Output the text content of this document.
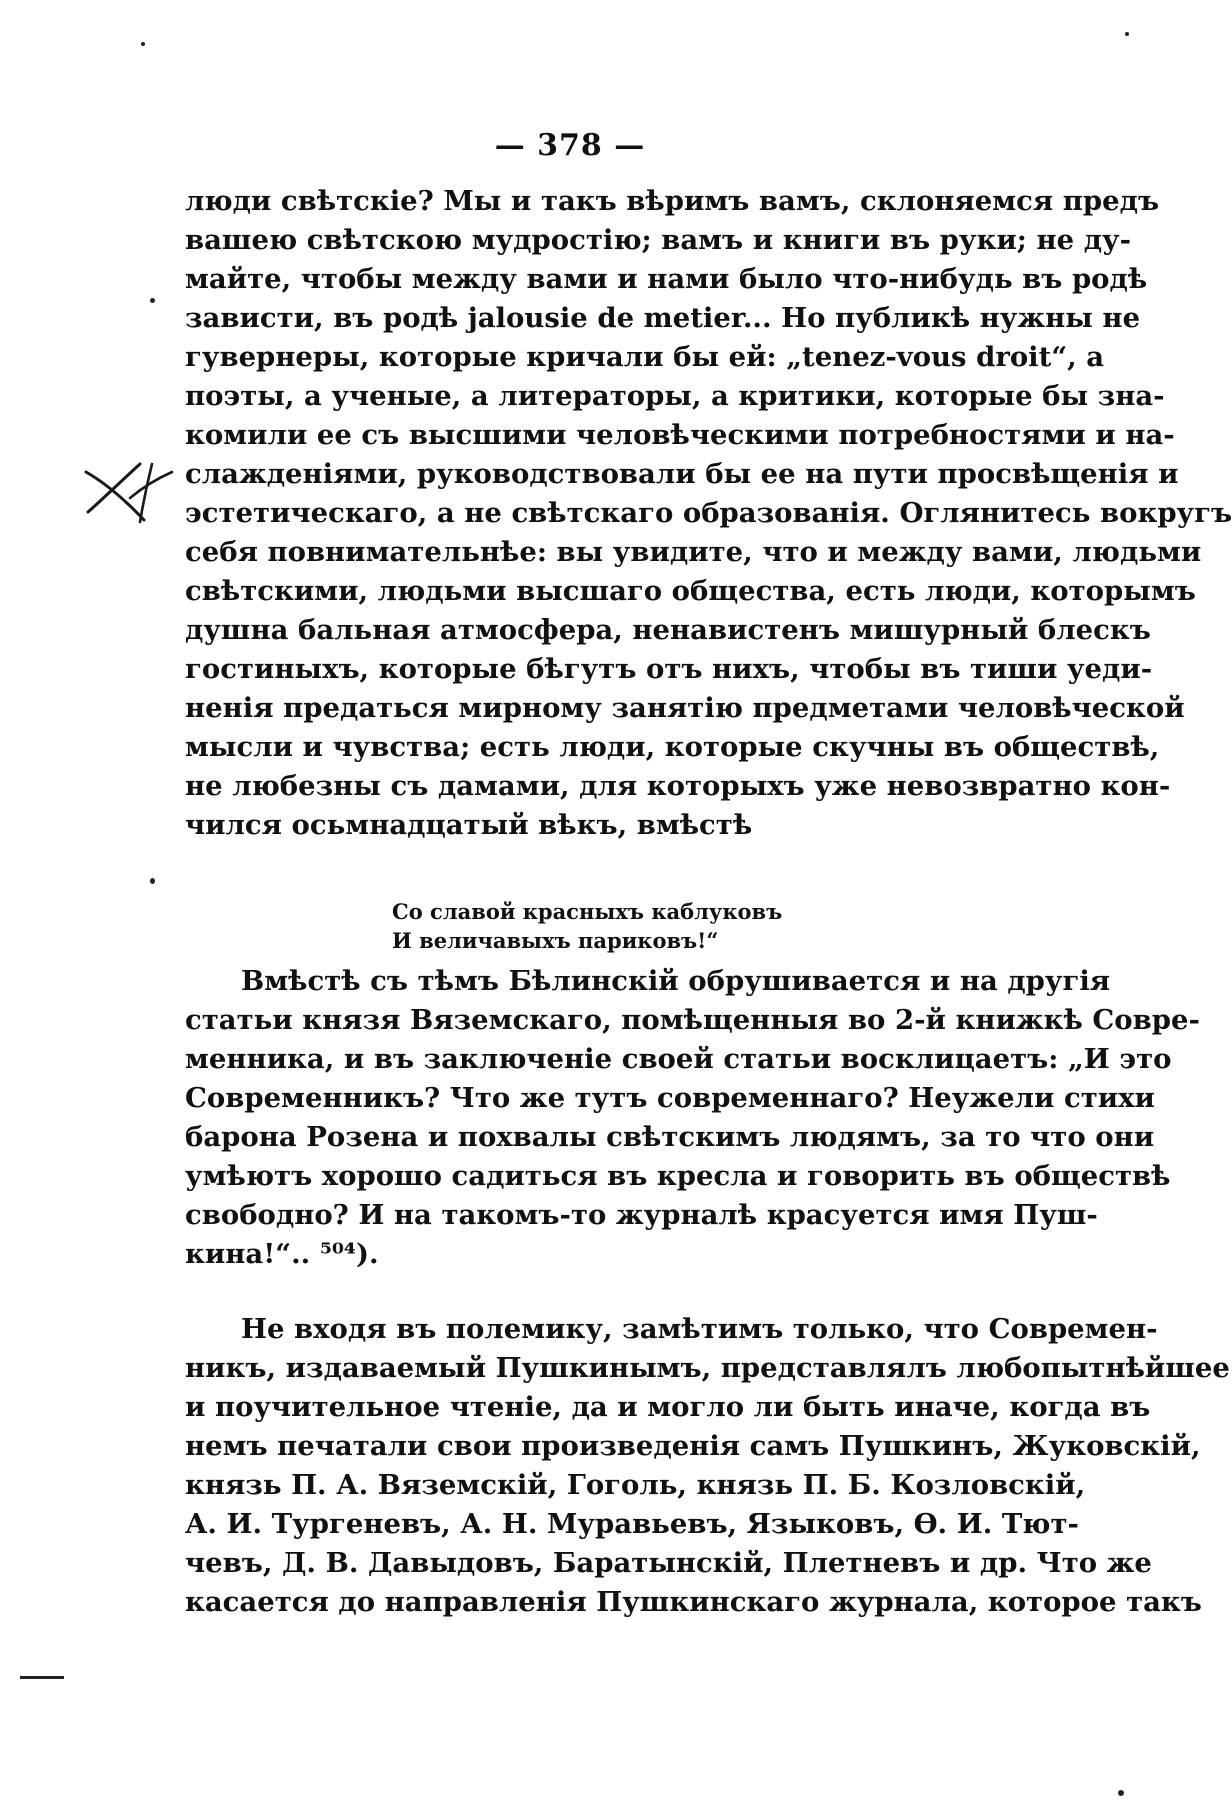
— 378 —
люди свѣтскіе? Мы и такъ вѣримъ вамъ, склоняемся предъ
вашею свѣтскою мудростію; вамъ и книги въ руки; не ду-
майте, чтобы между вами и нами было что-нибудь въ родѣ
зависти, въ родѣ jalousie de metier... Но публикѣ нужны не
гувернеры, которые кричали бы ей: „tenez-vous droit“, а
поэты, а ученые, а литераторы, а критики, которые бы зна-
комили ее съ высшими человѣческими потребностями и на-
слажденіями, руководствовали бы ее на пути просвѣщенія и
эстетическаго, а не свѣтскаго образованія. Оглянитесь вокругъ
себя повнимательнѣе: вы увидите, что и между вами, людьми
свѣтскими, людьми высшаго общества, есть люди, которымъ
душна бальная атмосфера, ненавистенъ мишурный блескъ
гостиныхъ, которые бѣгутъ отъ нихъ, чтобы въ тиши уеди-
ненія предаться мирному занятію предметами человѣческой
мысли и чувства; есть люди, которые скучны въ обществѣ,
не любезны съ дамами, для которыхъ уже невозвратно кон-
чился осьмнадцатый вѣкъ, вмѣстѣ
Со славой красныхъ каблуковъ
И величавыхъ париковъ!“
Вмѣстѣ съ тѣмъ Бѣлинскій обрушивается и на другія
статьи князя Вяземскаго, помѣщенныя во 2-й книжкѣ Совре-
менника, и въ заключеніе своей статьи восклицаетъ: „И это
Современникъ? Что же тутъ современнаго? Неужели стихи
барона Розена и похвалы свѣтскимъ людямъ, за то что они
умѣютъ хорошо садиться въ кресла и говорить въ обществѣ
свободно? И на такомъ-то журналѣ красуется имя Пуш-
кина!“.. ⁵⁰⁴).
Не входя въ полемику, замѣтимъ только, что Современ-
никъ, издаваемый Пушкинымъ, представлялъ любопытнѣйшее
и поучительное чтеніе, да и могло ли быть иначе, когда въ
немъ печатали свои произведенія самъ Пушкинъ, Жуковскій,
князь П. А. Вяземскій, Гоголь, князь П. Б. Козловскій,
А. И. Тургеневъ, А. Н. Муравьевъ, Языковъ, Ѳ. И. Тют-
чевъ, Д. В. Давыдовъ, Баратынскій, Плетневъ и др. Что же
касается до направленія Пушкинскаго журнала, которое такъ
